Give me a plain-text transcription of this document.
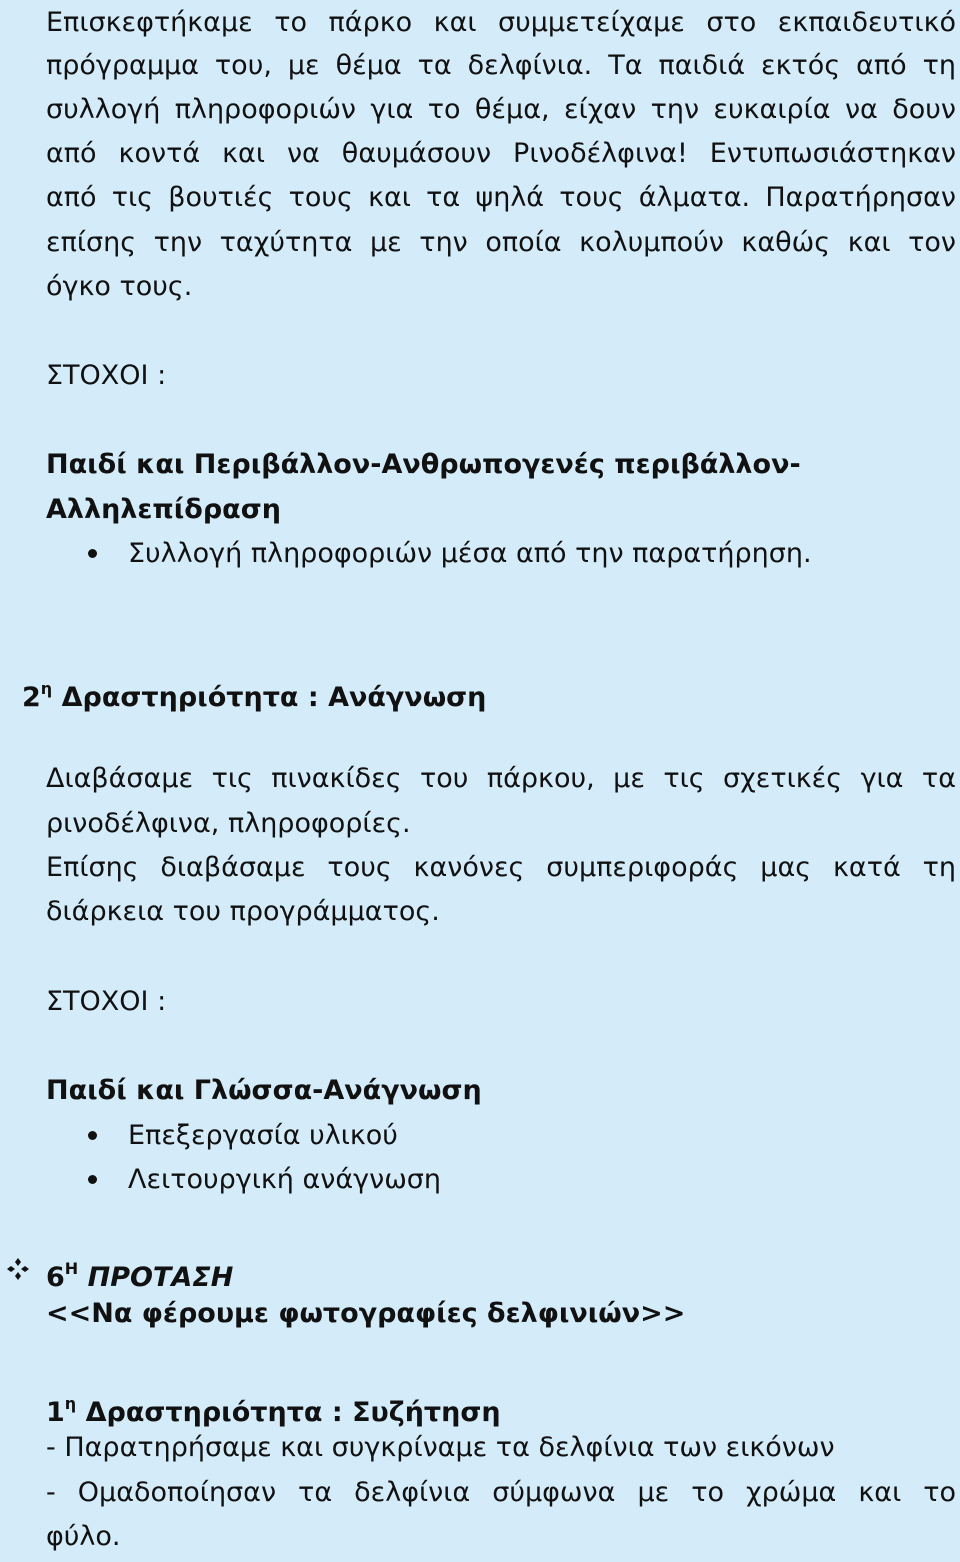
Επισκεφτήκαμε το πάρκο και συμμετείχαμε στο εκπαιδευτικό
πρόγραμμα του, με θέμα τα δελφίνια. Τα παιδιά εκτός από τη
συλλογή πληροφοριών για το θέμα, είχαν την ευκαιρία να δουν
από κοντά και να θαυμάσουν Ρινοδέλφινα! Εντυπωσιάστηκαν
από τις βουτιές τους και τα ψηλά τους άλματα. Παρατήρησαν
επίσης την ταχύτητα με την οποία κολυμπούν καθώς και τον
όγκο τους.
ΣΤΟΧΟΙ :
Παιδί και Περιβάλλον-Ανθρωπογενές περιβάλλον-
Αλληλεπίδραση
Συλλογή πληροφοριών μέσα από την παρατήρηση.
$2^\eta$ Δραστηριότητα : Ανάγνωση
Διαβάσαμε τις πινακίδες του πάρκου, με τις σχετικές για τα
ρινοδέλφινα, πληροφορίες.
Επίσης διαβάσαμε τους κανόνες συμπεριφοράς μας κατά τη
διάρκεια του προγράμματος.
ΣΤΟΧΟΙ :
Παιδί και Γλώσσα-Ανάγνωση
Επεξεργασία υλικού
Λειτουργική ανάγνωση
$6^H$ ΠΡΟΤΑΣΗ
<<Να φέρουμε φωτογραφίες δελφινιών>>
$1^\eta$ Δραστηριότητα : Συζήτηση
- Παρατηρήσαμε και συγκρίναμε τα δελφίνια των εικόνων
- Ομαδοποίησαν τα δελφίνια σύμφωνα με το χρώμα και το
φύλο.
